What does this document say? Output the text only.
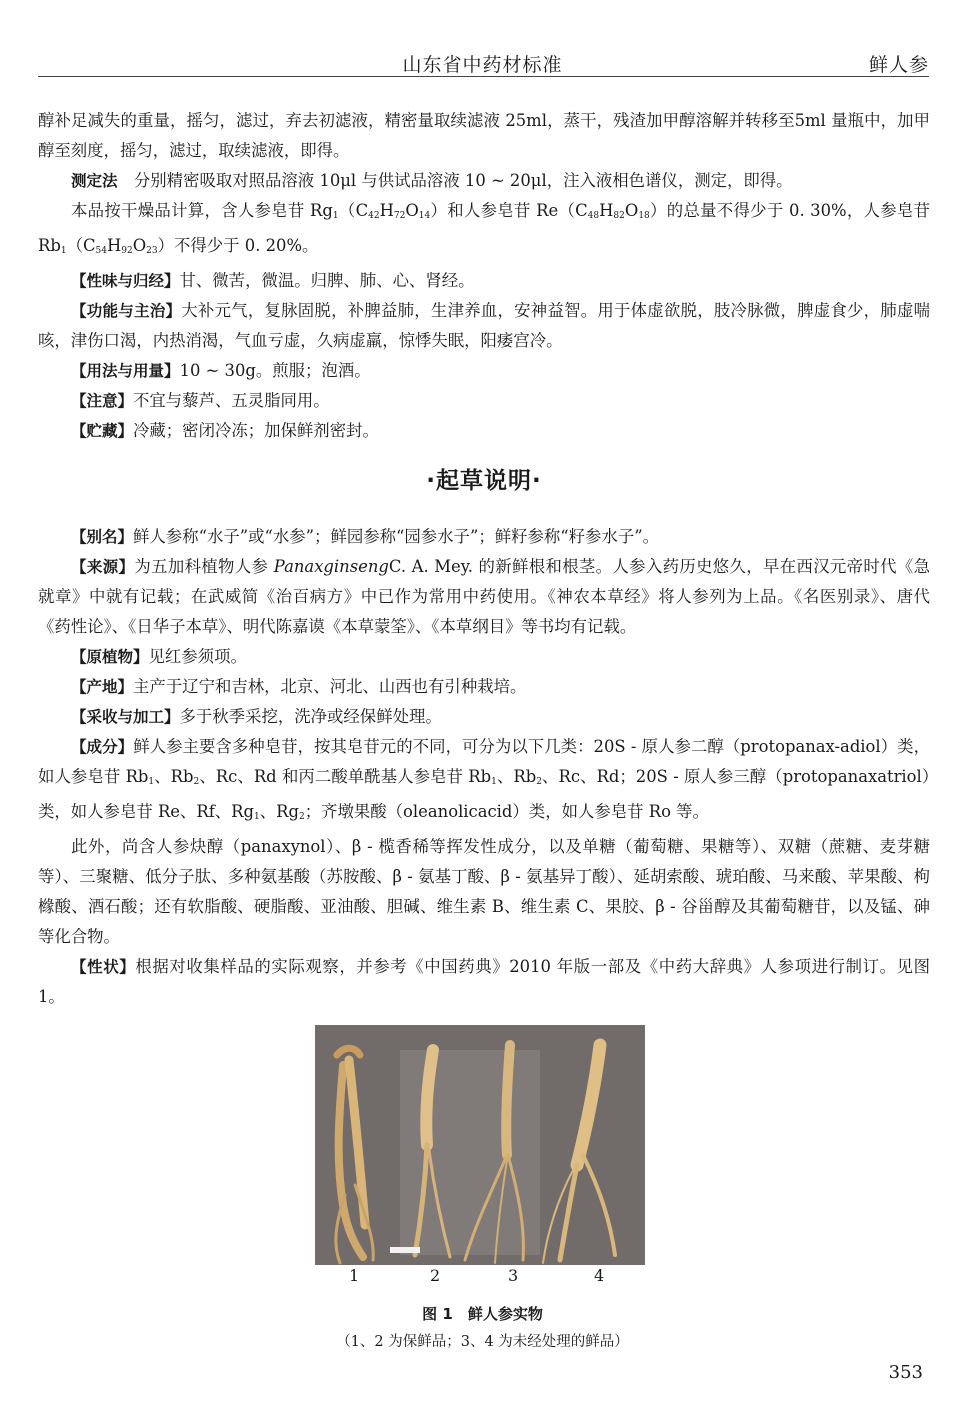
山东省中药材标准	鲜人参

醇补足减失的重量，摇匀，滤过，弃去初滤液，精密量取续滤液 25ml，蒸干，残渣加甲醇溶解并转移至5ml 量瓶中，加甲醇至刻度，摇匀，滤过，取续滤液，即得。

测定法　 分别精密吸取对照品溶液 10μl 与供试品溶液 10 ~ 20μl，注入液相色谱仪，测定，即得。

本品按干燥品计算，含人参皂苷 $Rg_1(C_{42}H_{72}O_{14})$和人参皂苷 $Re(C_{48}H_{82}O_{18})$的总量不得少于 0. 30%，人参皂苷 $Rb_1(C_{54}H_{92}O_{23})$不得少于 0. 20%。

【性味与归经】甘、微苦，微温。归脾、肺、心、肾经。

【功能与主治】大补元气，复脉固脱，补脾益肺，生津养血，安神益智。用于体虚欲脱，肢冷脉微，脾虚食少，肺虚喘咳，津伤口渴，内热消渴，气血亏虚，久病虚羸，惊悸失眠，阳痿宫冷。

【用法与用量】10 ~ 30g。煎服；泡酒。

【注意】不宜与藜芦、五灵脂同用。

【贮藏】冷藏；密闭冷冻；加保鲜剂密封。

·起草说明·

【别名】鲜人参称“水子”或“水参”；鲜园参称“园参水子”；鲜籽参称“籽参水子”。

【来源】为五加科植物人参 PanaxginsengC. A. Mey. 的新鲜根和根茎。人参入药历史悠久，早在西汉元帝时代《急就章》中就有记载；在武威简《治百病方》中已作为常用中药使用。《神农本草经》将人参列为上品。《名医别录》、唐代《药性论》、《日华子本草》、明代陈嘉谟《本草蒙筌》、《本草纲目》等书均有记载。

【原植物】见红参须项。

【产地】主产于辽宁和吉林，北京、河北、山西也有引种栽培。

【采收与加工】多于秋季采挖，洗净或经保鲜处理。

【成分】鲜人参主要含多种皂苷，按其皂苷元的不同，可分为以下几类：20S - 原人参二醇（protopanax-adiol）类，如人参皂苷 $Rb_1$、$Rb_2$、Rc、Rd 和丙二酸单酰基人参皂苷 $Rb_1$、$Rb_2$、Rc、Rd；20S - 原人参三醇（protopanaxatriol）类，如人参皂苷 Re、Rf、$Rg_1$、$Rg_2$；齐墩果酸（oleanolicacid）类，如人参皂苷 Ro 等。

此外，尚含人参炔醇（panaxynol）、β - 榄香稀等挥发性成分，以及单糖（葡萄糖、果糖等）、双糖（蔗糖、麦芽糖等）、三聚糖、低分子肽、多种氨基酸（苏胺酸、β - 氨基丁酸、β - 氨基异丁酸）、延胡索酸、琥珀酸、马来酸、苹果酸、枸橼酸、酒石酸；还有软脂酸、硬脂酸、亚油酸、胆碱、维生素 B、维生素 C、果胶、β - 谷甾醇及其葡萄糖苷，以及锰、砷等化合物。

【性状】根据对收集样品的实际观察，并参考《中国药典》2010 年版一部及《中药大辞典》人参项进行制订。见图 1。

1	2	3	4
图 1　鲜人参实物
（1、2 为保鲜品；3、4 为未经处理的鲜品）
353
